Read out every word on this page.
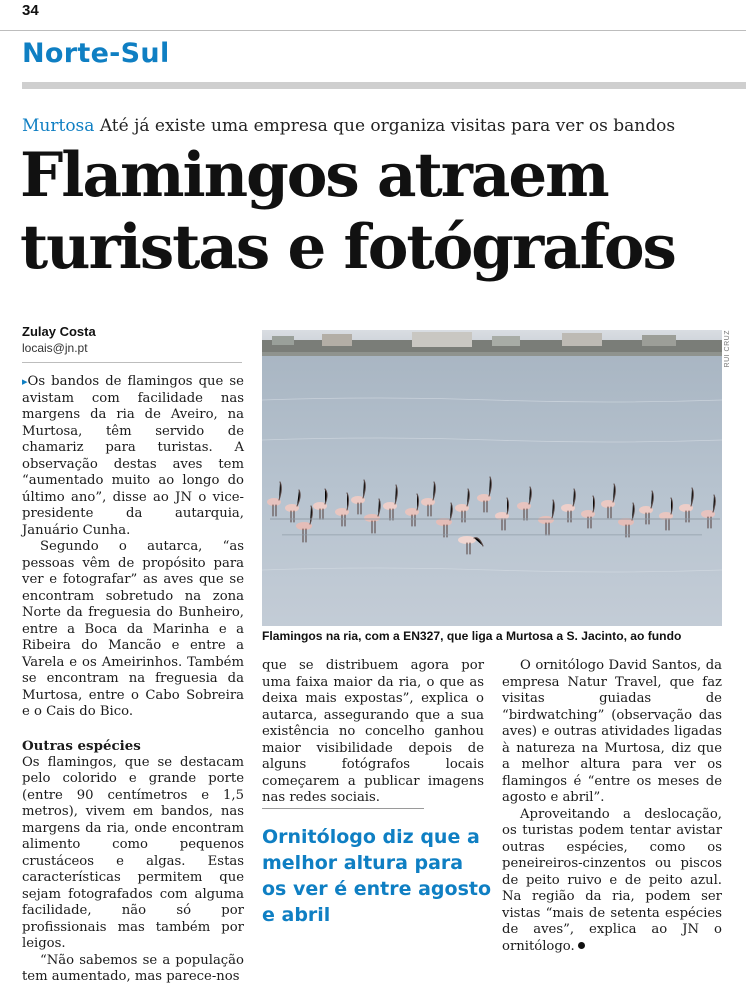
34
Norte-Sul
Murtosa Até já existe uma empresa que organiza visitas para ver os bandos
Flamingos atraem
turistas e fotógrafos
Zulay Costa
locais@jn.pt

▸Os bandos de flamingos que se avistam com facilidade nas margens da ria de Aveiro, na Murtosa, têm servido de chamariz para turistas. A observação destas aves tem “aumentado muito ao longo do último ano”, disse ao JN o vice-presidente da autarquia, Januário Cunha.

Segundo o autarca, “as pessoas vêm de propósito para ver e fotografar” as aves que se encontram sobretudo na zona Norte da freguesia do Bunheiro, entre a Boca da Marinha e a Ribeira do Mancão e entre a Varela e os Ameirinhos. Também se encontram na freguesia da Murtosa, entre o Cabo Sobreira e o Cais do Bico.

Outras espécies

Os flamingos, que se destacam pelo colorido e grande porte (entre 90 centímetros e 1,5 metros), vivem em bandos, nas margens da ria, onde encontram alimento como pequenos crustáceos e algas. Estas características permitem que sejam fotografados com alguma facilidade, não só por profissionais mas também por leigos.

“Não sabemos se a população tem aumentado, mas parece-nos

RUI CRUZ
Flamingos na ria, com a EN327, que liga a Murtosa a S. Jacinto, ao fundo

que se distribuem agora por uma faixa maior da ria, o que as deixa mais expostas”, explica o autarca, assegurando que a sua existência no concelho ganhou maior visibilidade depois de alguns fotógrafos locais começarem a publicar imagens nas redes sociais.

Ornitólogo diz que a melhor altura para os ver é entre agosto e abril

O ornitólogo David Santos, da empresa Natur Travel, que faz visitas guiadas de “birdwatching” (observação das aves) e outras atividades ligadas à natureza na Murtosa, diz que a melhor altura para ver os flamingos é “entre os meses de agosto e abril”.

Aproveitando a deslocação, os turistas podem tentar avistar outras espécies, como os peneireiros-cinzentos ou piscos de peito ruivo e de peito azul. Na região da ria, podem ser vistas “mais de setenta espécies de aves”, explica ao JN o ornitólogo.
